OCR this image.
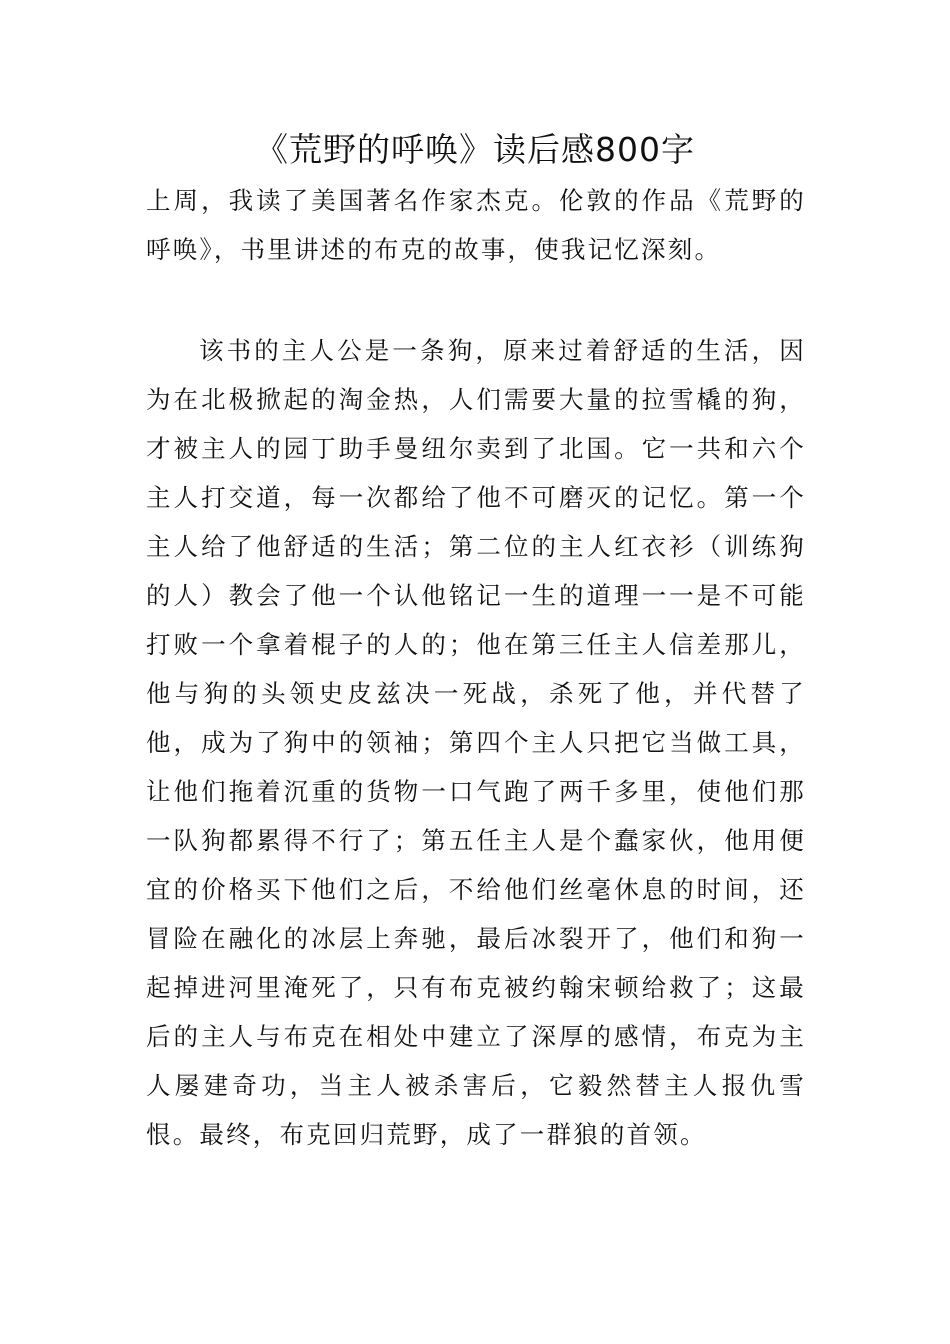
《荒野的呼唤》读后感800字

上周，我读了美国著名作家杰克。伦敦的作品《荒野的呼唤》，书里讲述的布克的故事，使我记忆深刻。

该书的主人公是一条狗，原来过着舒适的生活，因为在北极掀起的淘金热，人们需要大量的拉雪橇的狗，才被主人的园丁助手曼纽尔卖到了北国。它一共和六个主人打交道，每一次都给了他不可磨灭的记忆。第一个主人给了他舒适的生活；第二位的主人红衣衫（训练狗的人）教会了他一个认他铭记一生的道理一一是不可能打败一个拿着棍子的人的；他在第三任主人信差那儿，他与狗的头领史皮兹决一死战，杀死了他，并代替了他，成为了狗中的领袖；第四个主人只把它当做工具，让他们拖着沉重的货物一口气跑了两千多里，使他们那一队狗都累得不行了；第五任主人是个蠢家伙，他用便宜的价格买下他们之后，不给他们丝毫休息的时间，还冒险在融化的冰层上奔驰，最后冰裂开了，他们和狗一起掉进河里淹死了，只有布克被约翰宋顿给救了；这最后的主人与布克在相处中建立了深厚的感情，布克为主人屡建奇功，当主人被杀害后，它毅然替主人报仇雪恨。最终，布克回归荒野，成了一群狼的首领。
